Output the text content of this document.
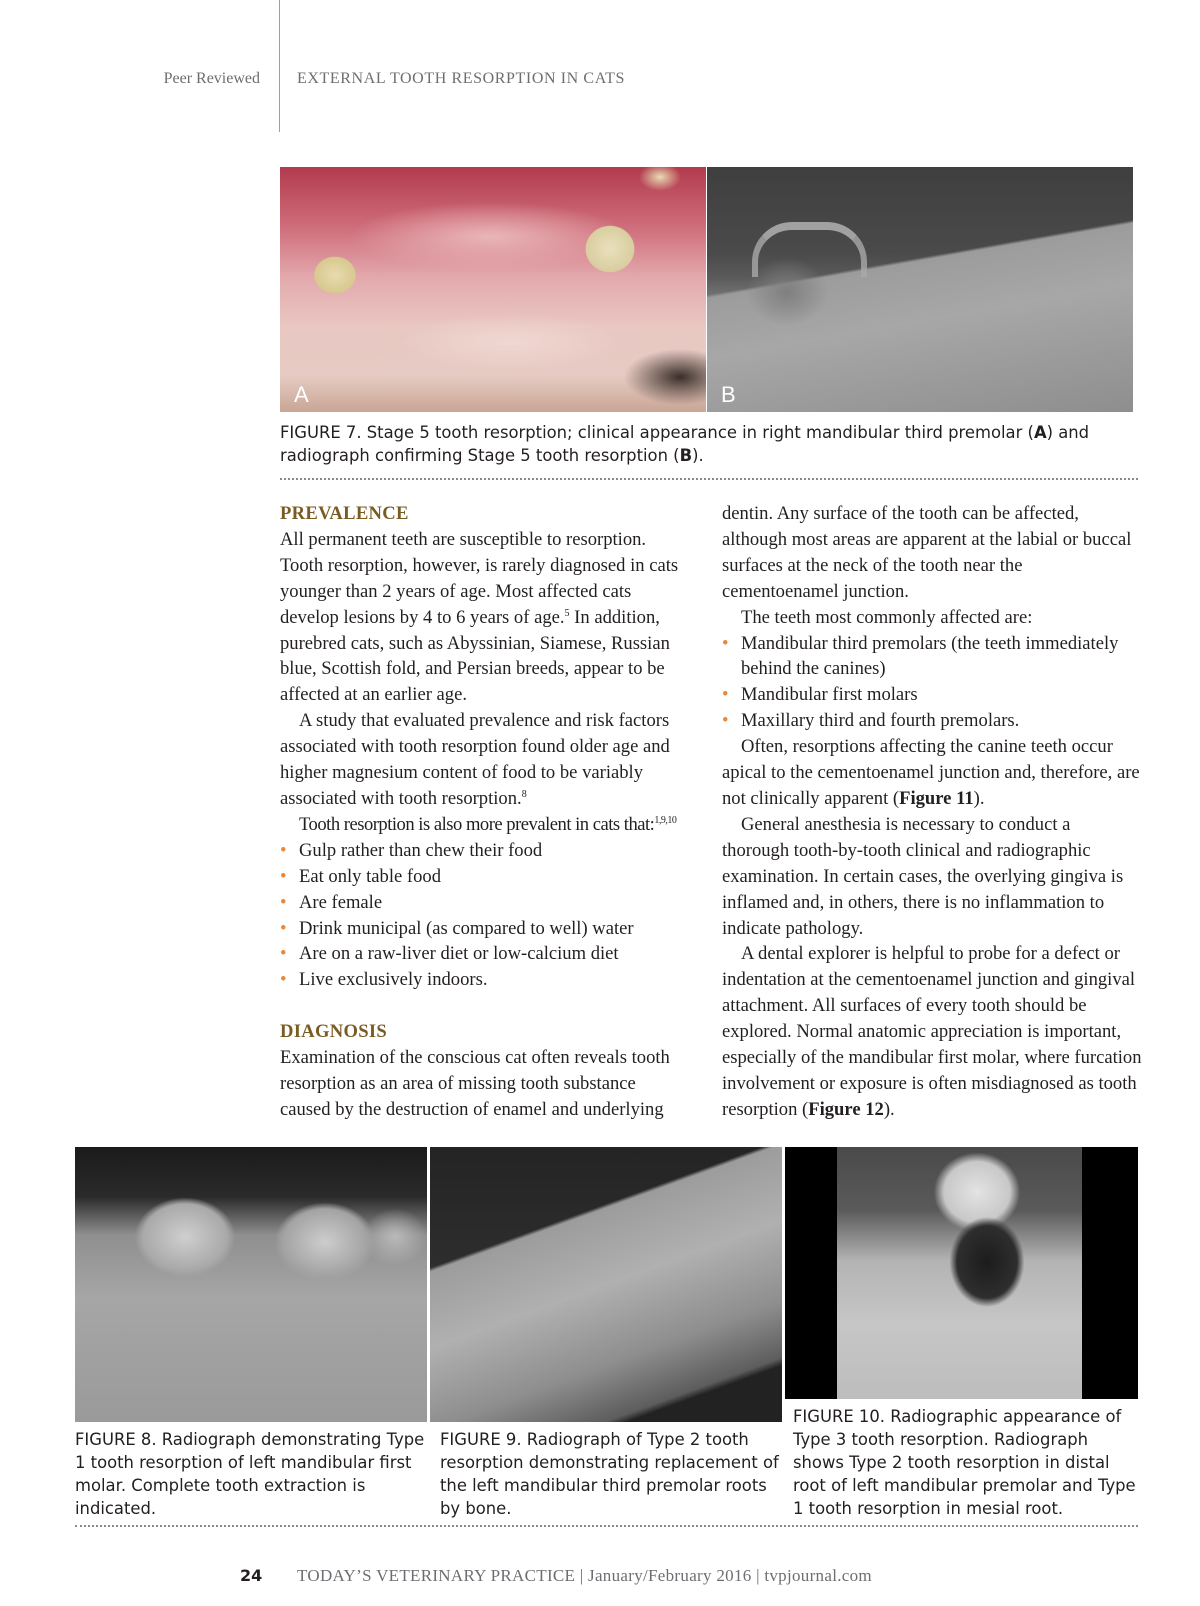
Peer Reviewed EXTERNAL TOOTH RESORPTION IN CATS
A	B
FIGURE 7. Stage 5 tooth resorption; clinical appearance in right mandibular third premolar (A) and radiograph confirming Stage 5 tooth resorption (B).
PREVALENCE

All permanent teeth are susceptible to resorption. Tooth resorption, however, is rarely diagnosed in cats younger than 2 years of age. Most affected cats develop lesions by 4 to 6 years of age.$^5$ In addition, purebred cats, such as Abyssinian, Siamese, Russian blue, Scottish fold, and Persian breeds, appear to be affected at an earlier age.

A study that evaluated prevalence and risk factors associated with tooth resorption found older age and higher magnesium content of food to be variably associated with tooth resorption.$^8$

Tooth resorption is also more prevalent in cats that:$^{1,9,10}$

• Gulp rather than chew their food
• Eat only table food
• Are female
• Drink municipal (as compared to well) water
• Are on a raw-liver diet or low-calcium diet
• Live exclusively indoors.
DIAGNOSIS

Examination of the conscious cat often reveals tooth resorption as an area of missing tooth substance caused by the destruction of enamel and underlying

dentin. Any surface of the tooth can be affected, although most areas are apparent at the labial or buccal surfaces at the neck of the tooth near the cementoenamel junction.

The teeth most commonly affected are:

• Mandibular third premolars (the teeth immediately behind the canines)
• Mandibular first molars
• Maxillary third and fourth premolars.

Often, resorptions affecting the canine teeth occur apical to the cementoenamel junction and, therefore, are not clinically apparent (Figure 11).

General anesthesia is necessary to conduct a thorough tooth-by-tooth clinical and radiographic examination. In certain cases, the overlying gingiva is inflamed and, in others, there is no inflammation to indicate pathology.

A dental explorer is helpful to probe for a defect or indentation at the cementoenamel junction and gingival attachment. All surfaces of every tooth should be explored. Normal anatomic appreciation is important, especially of the mandibular first molar, where furcation involvement or exposure is often misdiagnosed as tooth resorption (Figure 12).

FIGURE 8. Radiograph demonstrating Type 1 tooth resorption of left mandibular first molar. Complete tooth extraction is indicated.
FIGURE 9. Radiograph of Type 2 tooth resorption demonstrating replacement of the left mandibular third premolar roots by bone.
FIGURE 10. Radiographic appearance of Type 3 tooth resorption. Radiograph shows Type 2 tooth resorption in distal root of left mandibular premolar and Type 1 tooth resorption in mesial root.
24 TODAY’S VETERINARY PRACTICE | January/February 2016 | tvpjournal.com
